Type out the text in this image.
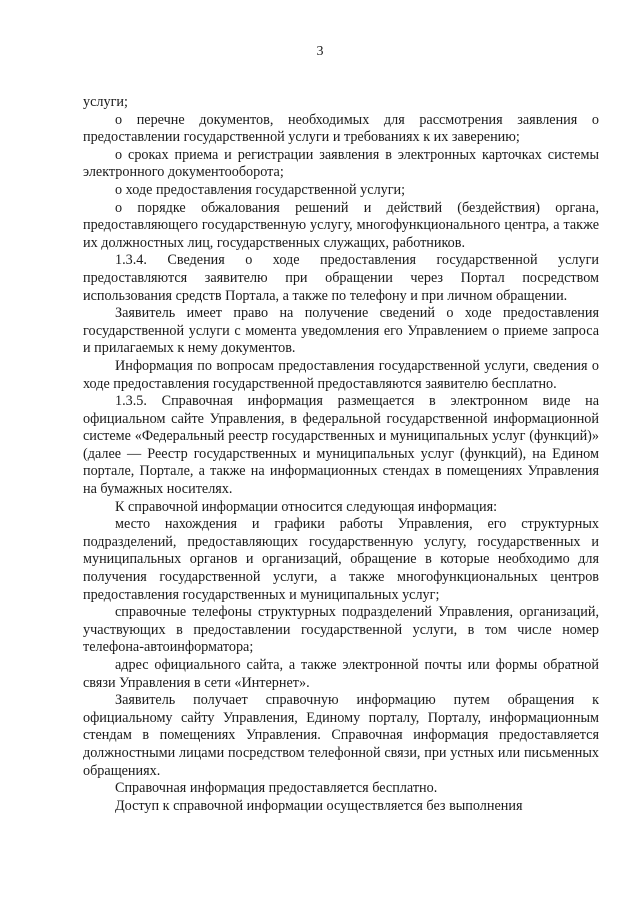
3

услуги;

о перечне документов, необходимых для рассмотрения заявления о предоставлении государственной услуги и требованиях к их заверению;

о сроках приема и регистрации заявления в электронных карточках системы электронного документооборота;

о ходе предоставления государственной услуги;

о порядке обжалования решений и действий (бездействия) органа, предоставляющего государственную услугу, многофункционального центра, а также их должностных лиц, государственных служащих, работников.

1.3.4. Сведения о ходе предоставления государственной услуги предоставляются заявителю при обращении через Портал посредством использования средств Портала, а также по телефону и при личном обращении.

Заявитель имеет право на получение сведений о ходе предоставления государственной услуги с момента уведомления его Управлением о приеме запроса и прилагаемых к нему документов.

Информация по вопросам предоставления государственной услуги, сведения о ходе предоставления государственной предоставляются заявителю бесплатно.

1.3.5. Справочная информация размещается в электронном виде на официальном сайте Управления, в федеральной государственной информационной системе «Федеральный реестр государственных и муниципальных услуг (функций)» (далее — Реестр государственных и муниципальных услуг (функций), на Едином портале, Портале, а также на информационных стендах в помещениях Управления на бумажных носителях.

К справочной информации относится следующая информация:

место нахождения и графики работы Управления, его структурных подразделений, предоставляющих государственную услугу, государственных и муниципальных органов и организаций, обращение в которые необходимо для получения государственной услуги, а также многофункциональных центров предоставления государственных и муниципальных услуг;

справочные телефоны структурных подразделений Управления, организаций, участвующих в предоставлении государственной услуги, в том числе номер телефона-автоинформатора;

адрес официального сайта, а также электронной почты или формы обратной связи Управления в сети «Интернет».

Заявитель получает справочную информацию путем обращения к официальному сайту Управления, Единому порталу, Порталу, информационным стендам в помещениях Управления. Справочная информация предоставляется должностными лицами посредством телефонной связи, при устных или письменных обращениях.

Справочная информация предоставляется бесплатно.

Доступ к справочной информации осуществляется без выполнения
